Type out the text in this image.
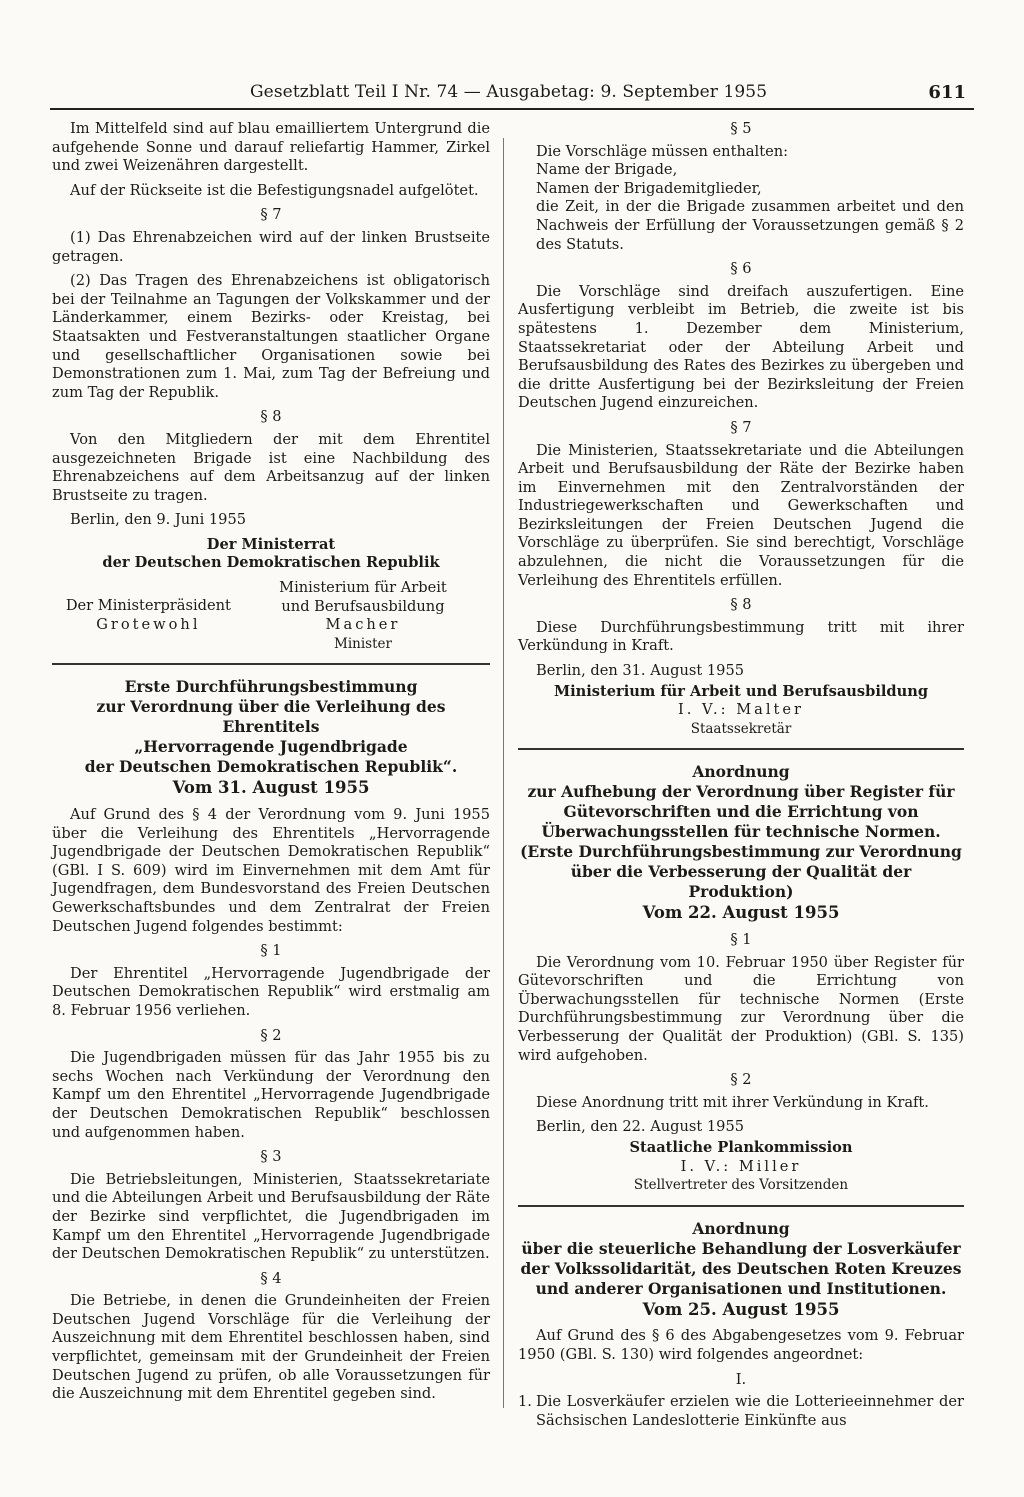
Gesetzblatt Teil I Nr. 74 — Ausgabetag: 9. September 1955	611

Im Mittelfeld sind auf blau emailliertem Untergrund die aufgehende Sonne und darauf reliefartig Hammer, Zirkel und zwei Weizenähren dargestellt.

Auf der Rückseite ist die Befestigungsnadel aufgelötet.

§ 7

(1) Das Ehrenabzeichen wird auf der linken Brustseite getragen.

(2) Das Tragen des Ehrenabzeichens ist obligatorisch bei der Teilnahme an Tagungen der Volkskammer und der Länderkammer, einem Bezirks- oder Kreistag, bei Staatsakten und Festveranstaltungen staatlicher Organe und gesellschaftlicher Organisationen sowie bei Demonstrationen zum 1. Mai, zum Tag der Befreiung und zum Tag der Republik.

§ 8

Von den Mitgliedern der mit dem Ehrentitel ausgezeichneten Brigade ist eine Nachbildung des Ehrenabzeichens auf dem Arbeitsanzug auf der linken Brustseite zu tragen.

Berlin, den 9. Juni 1955

Der Ministerrat
der Deutschen Demokratischen Republik
Der Ministerpräsident
Grotewohl
Ministerium für Arbeit
und Berufsausbildung
Macher
Minister
Erste Durchführungsbestimmung
zur Verordnung über die Verleihung des Ehrentitels
„Hervorragende Jugendbrigade
der Deutschen Demokratischen Republik“.
Vom 31. August 1955

Auf Grund des § 4 der Verordnung vom 9. Juni 1955 über die Verleihung des Ehrentitels „Hervorragende Jugendbrigade der Deutschen Demokratischen Republik“ (GBl. I S. 609) wird im Einvernehmen mit dem Amt für Jugendfragen, dem Bundesvorstand des Freien Deutschen Gewerkschaftsbundes und dem Zentralrat der Freien Deutschen Jugend folgendes bestimmt:

§ 1

Der Ehrentitel „Hervorragende Jugendbrigade der Deutschen Demokratischen Republik“ wird erstmalig am 8. Februar 1956 verliehen.

§ 2

Die Jugendbrigaden müssen für das Jahr 1955 bis zu sechs Wochen nach Verkündung der Verordnung den Kampf um den Ehrentitel „Hervorragende Jugendbrigade der Deutschen Demokratischen Republik“ beschlossen und aufgenommen haben.

§ 3

Die Betriebsleitungen, Ministerien, Staatssekretariate und die Abteilungen Arbeit und Berufsausbildung der Räte der Bezirke sind verpflichtet, die Jugendbrigaden im Kampf um den Ehrentitel „Hervorragende Jugendbrigade der Deutschen Demokratischen Republik“ zu unterstützen.

§ 4

Die Betriebe, in denen die Grundeinheiten der Freien Deutschen Jugend Vorschläge für die Verleihung der Auszeichnung mit dem Ehrentitel beschlossen haben, sind verpflichtet, gemeinsam mit der Grundeinheit der Freien Deutschen Jugend zu prüfen, ob alle Voraussetzungen für die Auszeichnung mit dem Ehrentitel gegeben sind.

§ 5

Die Vorschläge müssen enthalten:

Name der Brigade,
Namen der Brigademitglieder,
die Zeit, in der die Brigade zusammen arbeitet und den Nachweis der Erfüllung der Voraussetzungen gemäß § 2 des Statuts.
§ 6

Die Vorschläge sind dreifach auszufertigen. Eine Ausfertigung verbleibt im Betrieb, die zweite ist bis spätestens 1. Dezember dem Ministerium, Staatssekretariat oder der Abteilung Arbeit und Berufsausbildung des Rates des Bezirkes zu übergeben und die dritte Ausfertigung bei der Bezirksleitung der Freien Deutschen Jugend einzureichen.

§ 7

Die Ministerien, Staatssekretariate und die Abteilungen Arbeit und Berufsausbildung der Räte der Bezirke haben im Einvernehmen mit den Zentralvorständen der Industriegewerkschaften und Gewerkschaften und Bezirksleitungen der Freien Deutschen Jugend die Vorschläge zu überprüfen. Sie sind berechtigt, Vorschläge abzulehnen, die nicht die Voraussetzungen für die Verleihung des Ehrentitels erfüllen.

§ 8

Diese Durchführungsbestimmung tritt mit ihrer Verkündung in Kraft.

Berlin, den 31. August 1955

Ministerium für Arbeit und Berufsausbildung
I. V.: Malter
Staatssekretär
Anordnung
zur Aufhebung der Verordnung über Register für
Gütevorschriften und die Errichtung von Überwachungsstellen für technische Normen.
(Erste Durchführungsbestimmung zur Verordnung über die Verbesserung der Qualität der Produktion)
Vom 22. August 1955
§ 1

Die Verordnung vom 10. Februar 1950 über Register für Gütevorschriften und die Errichtung von Überwachungsstellen für technische Normen (Erste Durchführungsbestimmung zur Verordnung über die Verbesserung der Qualität der Produktion) (GBl. S. 135) wird aufgehoben.

§ 2

Diese Anordnung tritt mit ihrer Verkündung in Kraft.

Berlin, den 22. August 1955

Staatliche Plankommission
I. V.: Miller
Stellvertreter des Vorsitzenden
Anordnung
über die steuerliche Behandlung der Losverkäufer der Volkssolidarität, des Deutschen Roten Kreuzes und anderer Organisationen und Institutionen.
Vom 25. August 1955

Auf Grund des § 6 des Abgabengesetzes vom 9. Februar 1950 (GBl. S. 130) wird folgendes angeordnet:

I.
1. Die Losverkäufer erzielen wie die Lotterieeinnehmer der Sächsischen Landeslotterie Einkünfte aus
